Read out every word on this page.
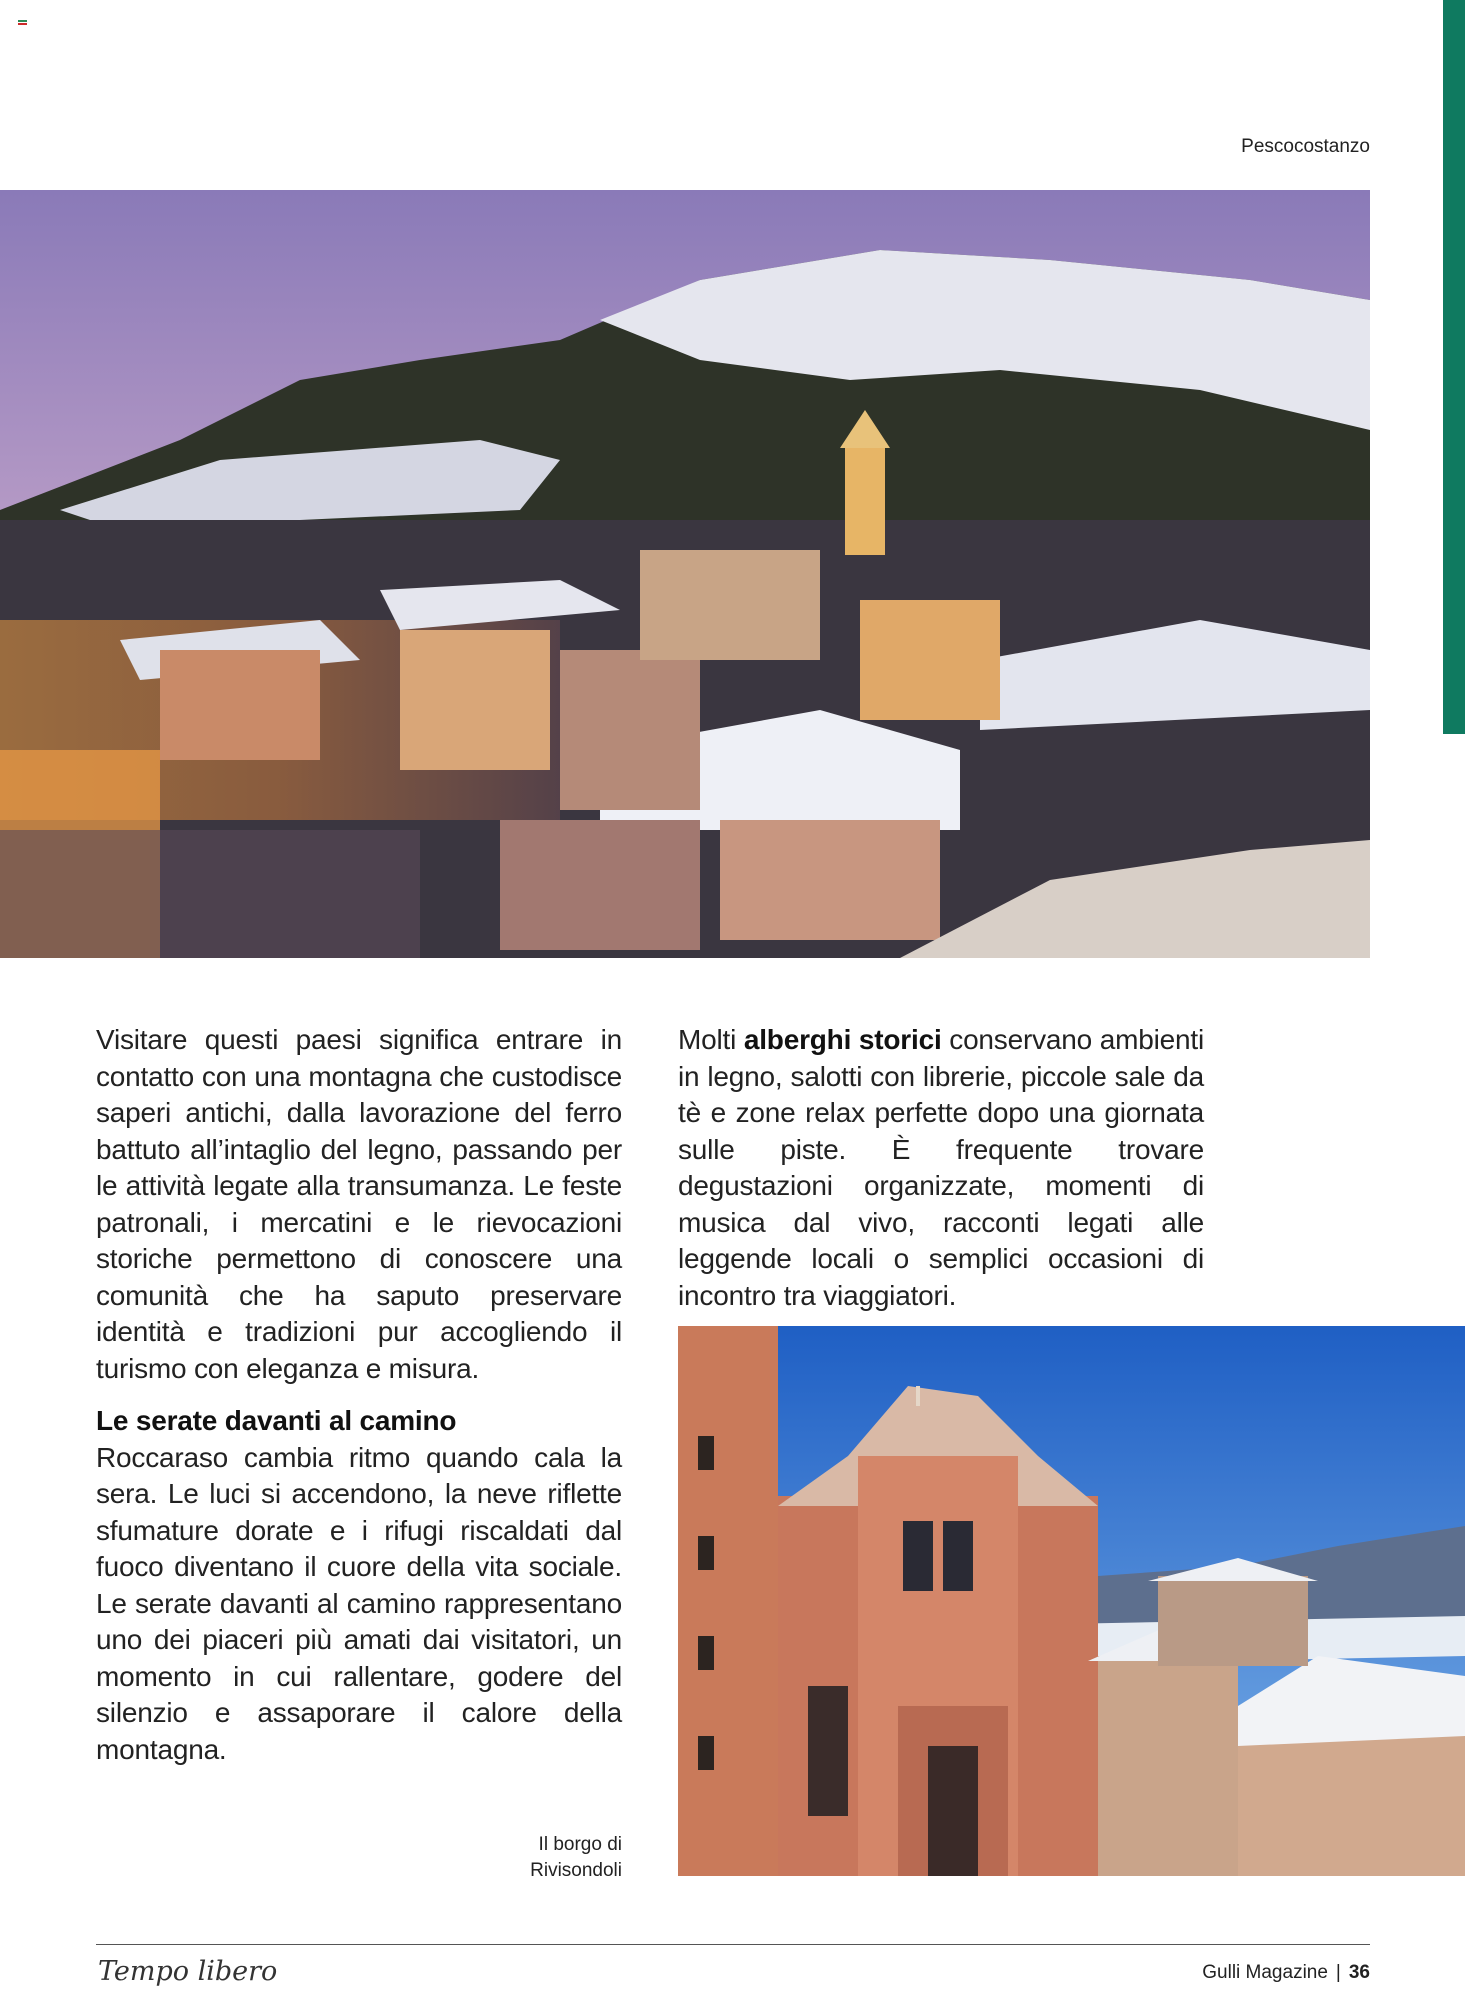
Pescocostanzo

Visitare questi paesi significa entrare in contatto con una montagna che custodisce saperi antichi, dalla lavorazione del ferro battuto all’intaglio del legno, passando per le attività legate alla transumanza. Le feste patronali, i mercatini e le rievocazioni storiche permettono di conoscere una comunità che ha saputo preservare identità e tradizioni pur accogliendo il turismo con eleganza e misura.

Le serate davanti al camino

Roccaraso cambia ritmo quando cala la sera. Le luci si accendono, la neve riflette sfumature dorate e i rifugi riscaldati dal fuoco diventano il cuore della vita sociale. Le serate davanti al camino rappresentano uno dei piaceri più amati dai visitatori, un momento in cui rallentare, godere del silenzio e assaporare il calore della montagna.

Molti alberghi storici conservano ambienti in legno, salotti con librerie, piccole sale da tè e zone relax perfette dopo una giornata sulle piste. È frequente trovare degustazioni organizzate, momenti di musica dal vivo, racconti legati alle leggende locali o semplici occasioni di incontro tra viaggiatori.

Il borgo di
Rivisondoli
Tempo libero	Gulli Magazine | 36
